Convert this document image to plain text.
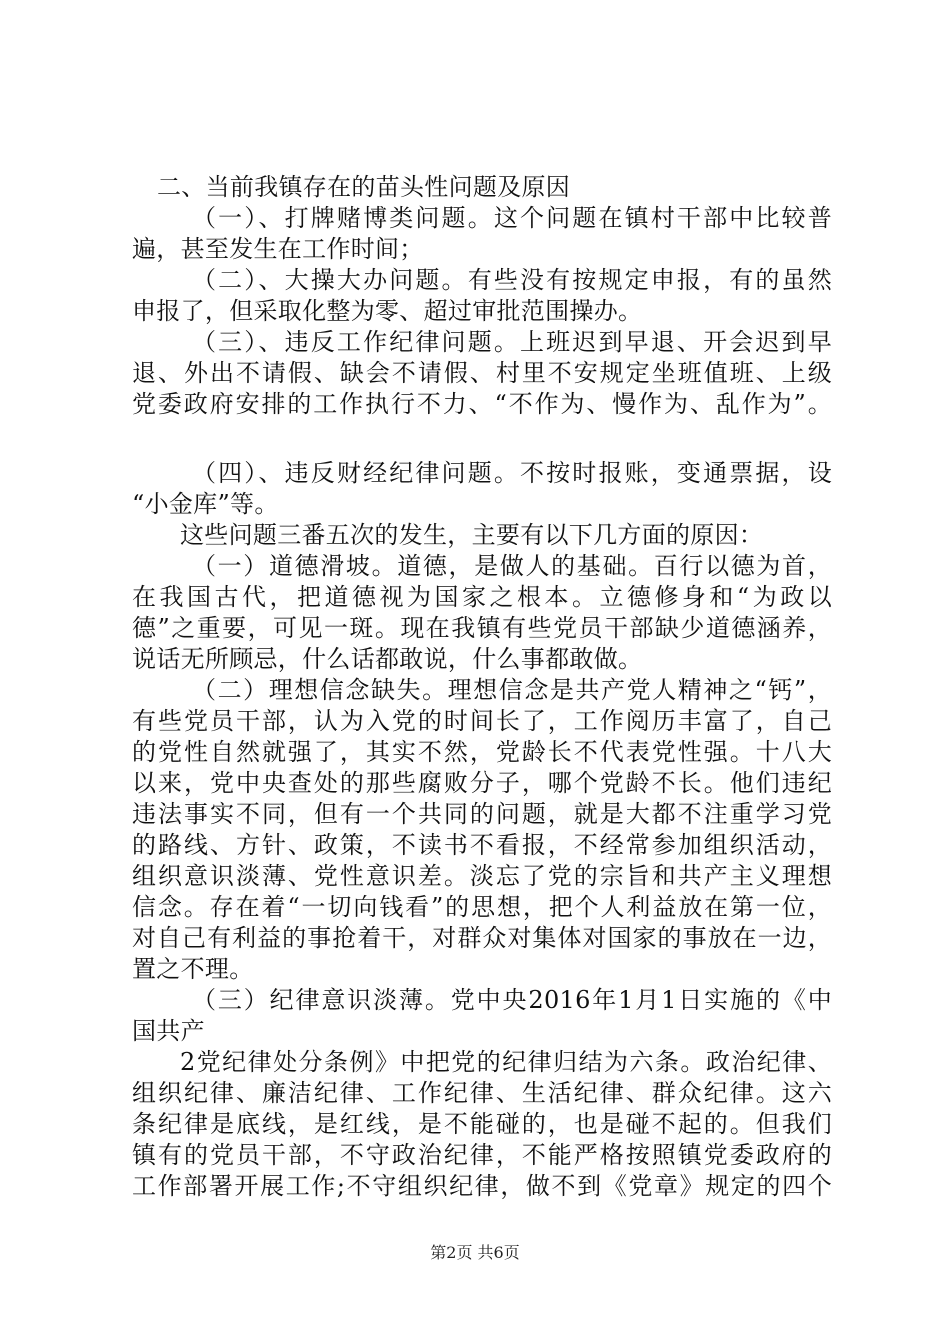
二、当前我镇存在的苗头性问题及原因
（一）、打牌赌博类问题。这个问题在镇村干部中比较普
遍，甚至发生在工作时间；
（二）、大操大办问题。有些没有按规定申报，有的虽然
申报了，但采取化整为零、超过审批范围操办。
（三）、违反工作纪律问题。上班迟到早退、开会迟到早
退、外出不请假、缺会不请假、村里不安规定坐班值班、上级
党委政府安排的工作执行不力、“不作为、慢作为、乱作为”。
（四）、违反财经纪律问题。不按时报账，变通票据，设
“小金库”等。
这些问题三番五次的发生，主要有以下几方面的原因：
（一）道德滑坡。道德，是做人的基础。百行以德为首，
在我国古代，把道德视为国家之根本。立德修身和“为政以
德”之重要，可见一斑。现在我镇有些党员干部缺少道德涵养，
说话无所顾忌，什么话都敢说，什么事都敢做。
（二）理想信念缺失。理想信念是共产党人精神之“钙”，
有些党员干部，认为入党的时间长了，工作阅历丰富了，自己
的党性自然就强了，其实不然，党龄长不代表党性强。十八大
以来，党中央查处的那些腐败分子，哪个党龄不长。他们违纪
违法事实不同，但有一个共同的问题，就是大都不注重学习党
的路线、方针、政策，不读书不看报，不经常参加组织活动，
组织意识淡薄、党性意识差。淡忘了党的宗旨和共产主义理想
信念。存在着“一切向钱看”的思想，把个人利益放在第一位，
对自己有利益的事抢着干，对群众对集体对国家的事放在一边，
置之不理。
（三）纪律意识淡薄。党中央2016年1月1日实施的《中
国共产
2党纪律处分条例》中把党的纪律归结为六条。政治纪律、
组织纪律、廉洁纪律、工作纪律、生活纪律、群众纪律。这六
条纪律是底线，是红线，是不能碰的，也是碰不起的。但我们
镇有的党员干部，不守政治纪律，不能严格按照镇党委政府的
工作部署开展工作;不守组织纪律，做不到《党章》规定的四个
第2页 共6页
